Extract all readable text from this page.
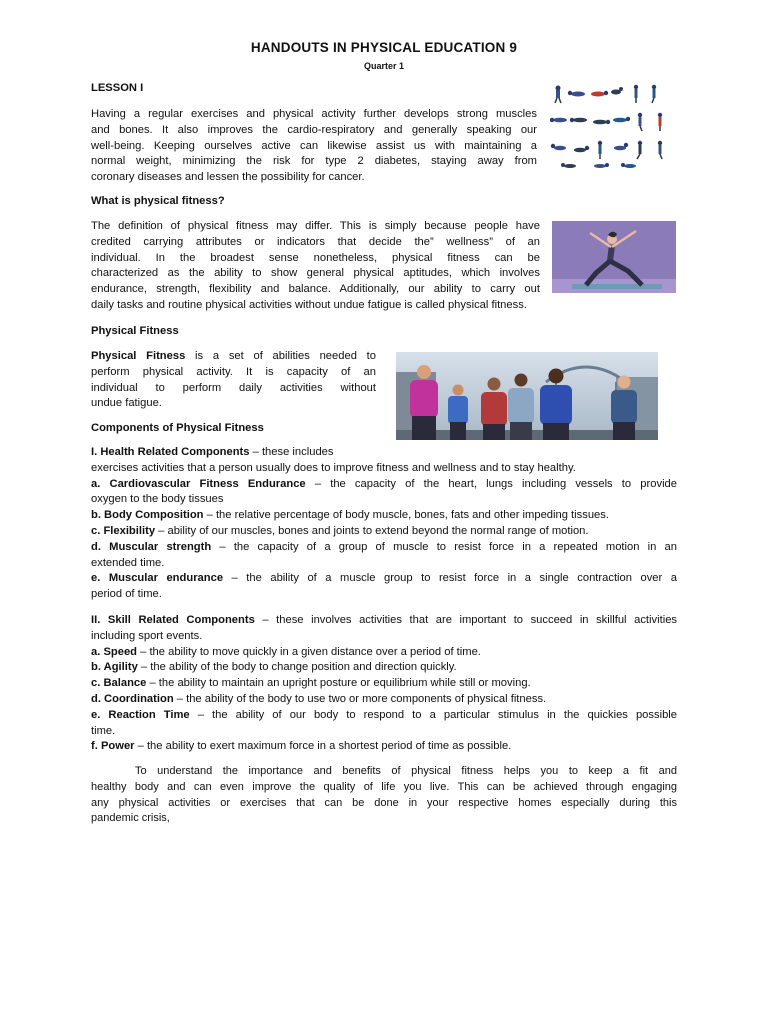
HANDOUTS IN PHYSICAL EDUCATION 9
Quarter 1
LESSON I
Having a regular exercises and physical activity further develops strong muscles
and bones. It also improves the cardio-respiratory and generally speaking our
well-being. Keeping ourselves active can likewise assist us with maintaining a
normal weight, minimizing the risk for type 2 diabetes, staying away from
coronary diseases and lessen the possibility for cancer.
What is physical fitness?
The definition of physical fitness may differ. This is simply because people have
credited carrying attributes or indicators that decide the” wellness” of an
individual. In the broadest sense nonetheless, physical fitness can be
characterized as the ability to show general physical aptitudes, which involves
endurance, strength, flexibility and balance. Additionally, our ability to carry out
daily tasks and routine physical activities without undue fatigue is called physical fitness.
Physical Fitness
Physical Fitness is a set of abilities needed to
perform physical activity. It is capacity of an
individual to perform daily activities without
undue fatigue.
Components of Physical Fitness
I. Health Related Components – these includes
exercises activities that a person usually does to improve fitness and wellness and to stay healthy.
a. Cardiovascular Fitness Endurance – the capacity of the heart, lungs including vessels to provide
oxygen to the body tissues
b. Body Composition – the relative percentage of body muscle, bones, fats and other impeding tissues.
c. Flexibility – ability of our muscles, bones and joints to extend beyond the normal range of motion.
d. Muscular strength – the capacity of a group of muscle to resist force in a repeated motion in an
extended time.
e. Muscular endurance – the ability of a muscle group to resist force in a single contraction over a
period of time.
II. Skill Related Components – these involves activities that are important to succeed in skillful activities
including sport events.
a. Speed – the ability to move quickly in a given distance over a period of time.
b. Agility – the ability of the body to change position and direction quickly.
c. Balance – the ability to maintain an upright posture or equilibrium while still or moving.
d. Coordination – the ability of the body to use two or more components of physical fitness.
e. Reaction Time – the ability of our body to respond to a particular stimulus in the quickies possible
time.
f. Power – the ability to exert maximum force in a shortest period of time as possible.
To understand the importance and benefits of physical fitness helps you to keep a fit and
healthy body and can even improve the quality of life you live. This can be achieved through engaging
any physical activities or exercises that can be done in your respective homes especially during this
pandemic crisis,
